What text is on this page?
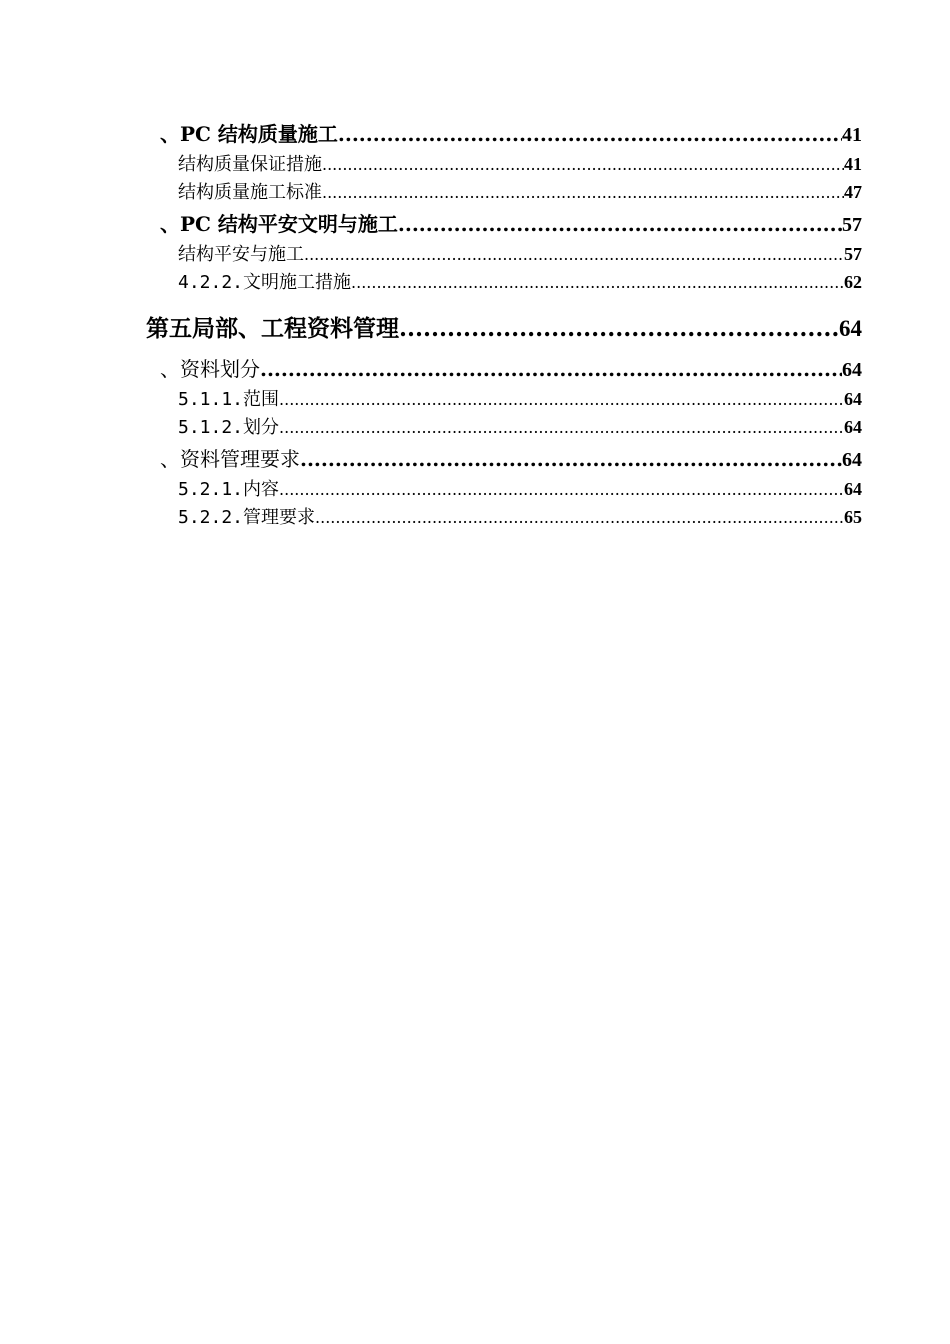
、PC 结构质量施工 .....	41
结构质量保证措施 .....	41
结构质量施工标准 .....	47
、PC 结构平安文明与施工 .....	57
结构平安与施工 .....	57
4.2.2.文明施工措施 .....	62
第五局部、工程资料管理 .....	64
、资料划分 .....	64
5.1.1.范围 .....	64
5.1.2.划分 .....	64
、资料管理要求 .....	64
5.2.1.内容 .....	64
5.2.2.管理要求 .....	65
